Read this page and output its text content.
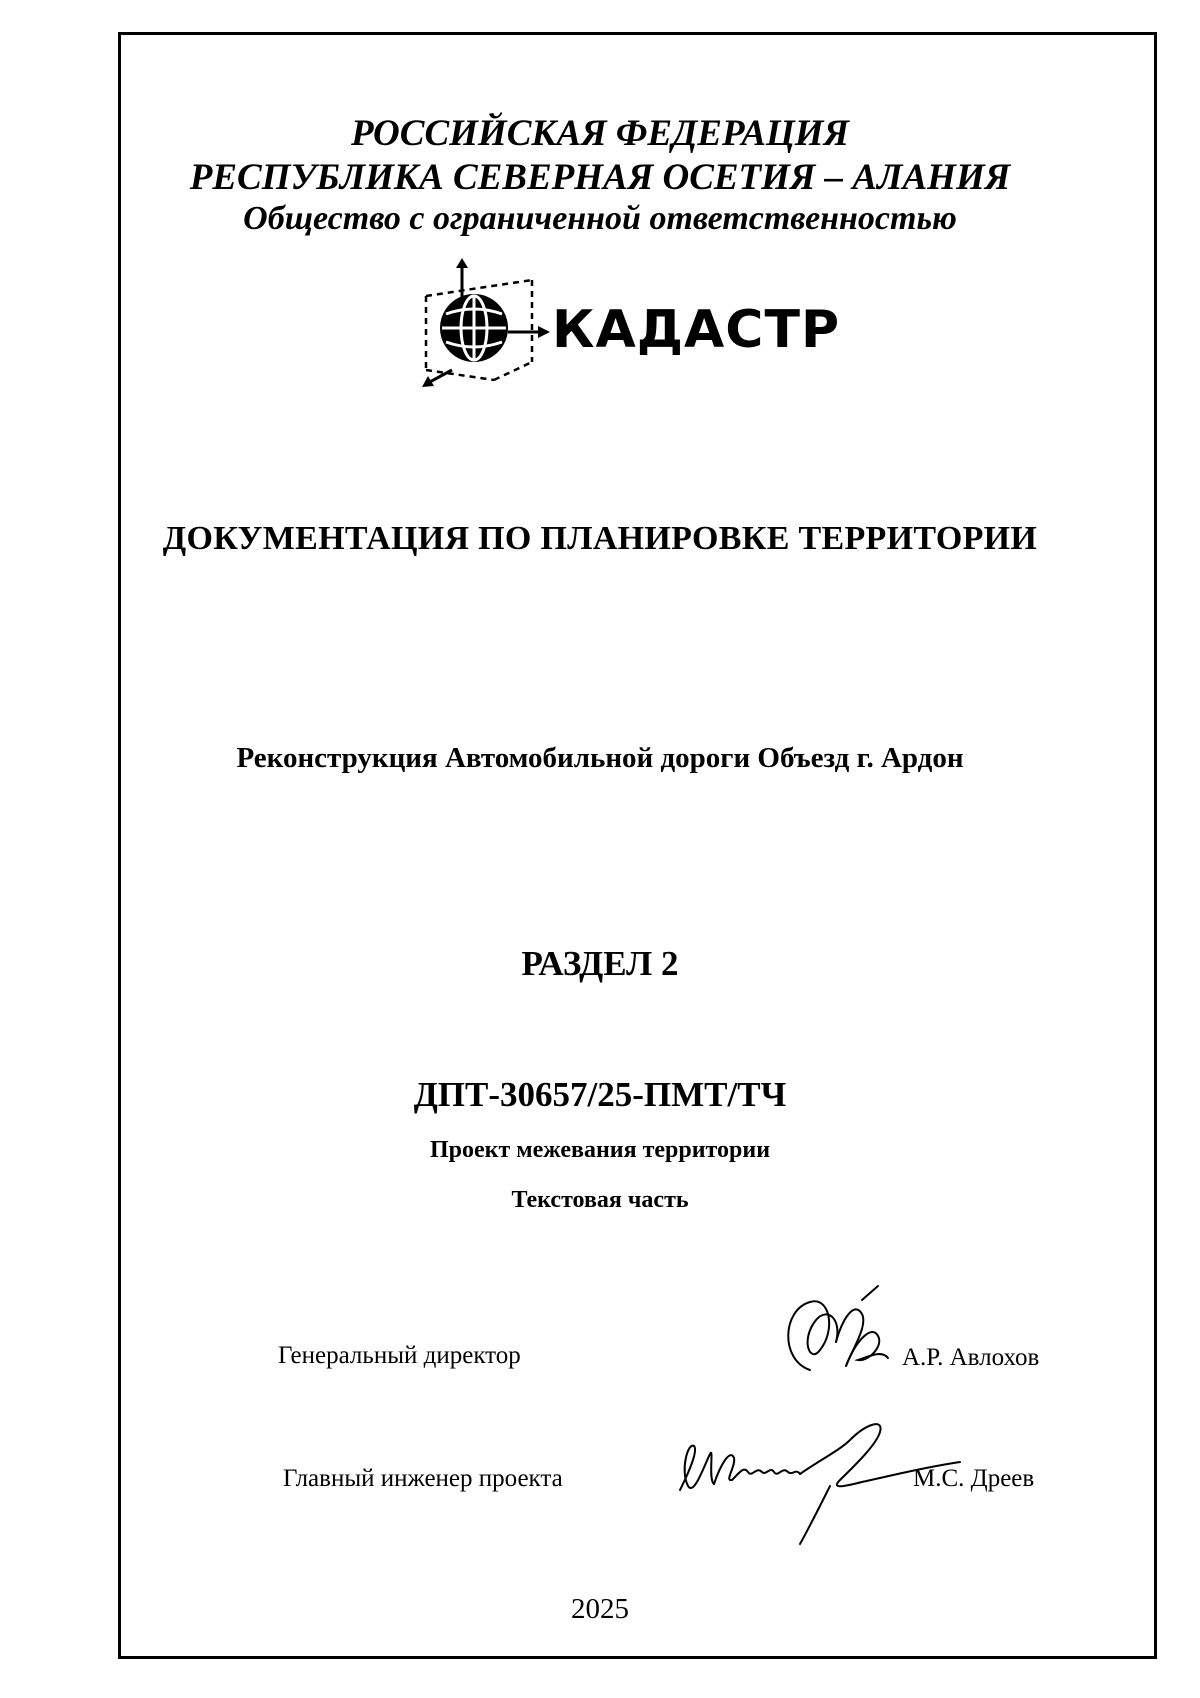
РОССИЙСКАЯ ФЕДЕРАЦИЯ
РЕСПУБЛИКА СЕВЕРНАЯ ОСЕТИЯ – АЛАНИЯ
Общество с ограниченной ответственностью
КАДАСТР
ДОКУМЕНТАЦИЯ ПО ПЛАНИРОВКЕ ТЕРРИТОРИИ
Реконструкция Автомобильной дороги Объезд г. Ардон
РАЗДЕЛ 2
ДПТ-30657/25-ПМТ/ТЧ
Проект межевания территории
Текстовая часть
Генеральный директор	А.Р. Авлохов
Главный инженер проекта	М.С. Дреев
2025
